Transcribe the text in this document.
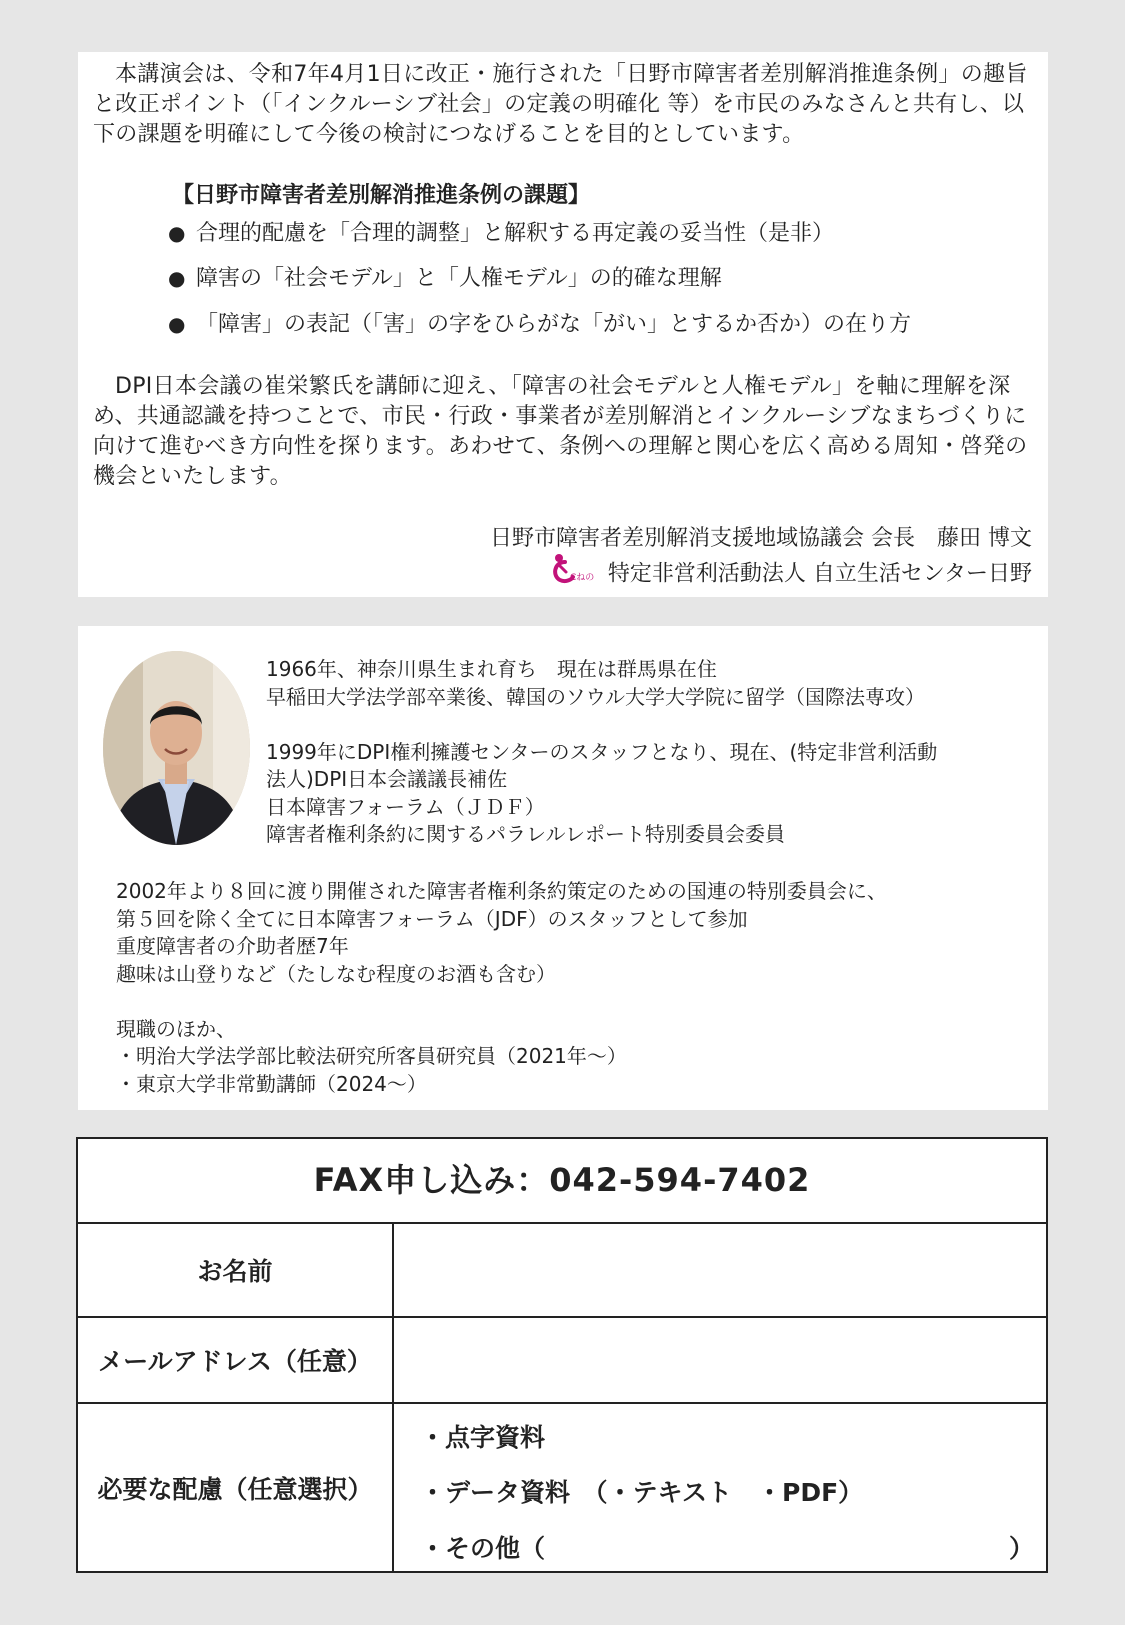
本講演会は、令和7年4月1日に改正・施行された「日野市障害者差別解消推進条例」の趣旨と改正ポイント（「インクルーシブ社会」の定義の明確化 等）を市民のみなさんと共有し、以下の課題を明確にして今後の検討につなげることを目的としています。

【日野市障害者差別解消推進条例の課題】

● 合理的配慮を「合理的調整」と解釈する再定義の妥当性（是非）
● 障害の「社会モデル」と「人権モデル」の的確な理解
● 「障害」の表記（「害」の字をひらがな「がい」とするか否か）の在り方

DPI日本会議の崔栄繁氏を講師に迎え、「障害の社会モデルと人権モデル」を軸に理解を深め、共通認識を持つことで、市民・行政・事業者が差別解消とインクルーシブなまちづくりに向けて進むべき方向性を探ります。あわせて、条例への理解と関心を広く高める周知・啓発の機会といたします。

日野市障害者差別解消支援地域協議会 会長　藤田 博文
Cねの 特定非営利活動法人 自立生活センター日野
1966年、神奈川県生まれ育ち　現在は群馬県在住
早稲田大学法学部卒業後、韓国のソウル大学大学院に留学（国際法専攻）
1999年にDPI権利擁護センターのスタッフとなり、現在、(特定非営利活動
法人)DPI日本会議議長補佐
日本障害フォーラム（ＪＤＦ）
障害者権利条約に関するパラレルレポート特別委員会委員
2002年より８回に渡り開催された障害者権利条約策定のための国連の特別委員会に、
第５回を除く全てに日本障害フォーラム（JDF）のスタッフとして参加
重度障害者の介助者歴7年
趣味は山登りなど（たしなむ程度のお酒も含む）
現職のほか、
・明治大学法学部比較法研究所客員研究員（2021年～）
・東京大学非常勤講師（2024～）
FAX申し込み：042-594-7402
お名前
メールアドレス（任意）
必要な配慮（任意選択）
・点字資料
・データ資料　（・テキスト　・PDF）
・その他（	）
